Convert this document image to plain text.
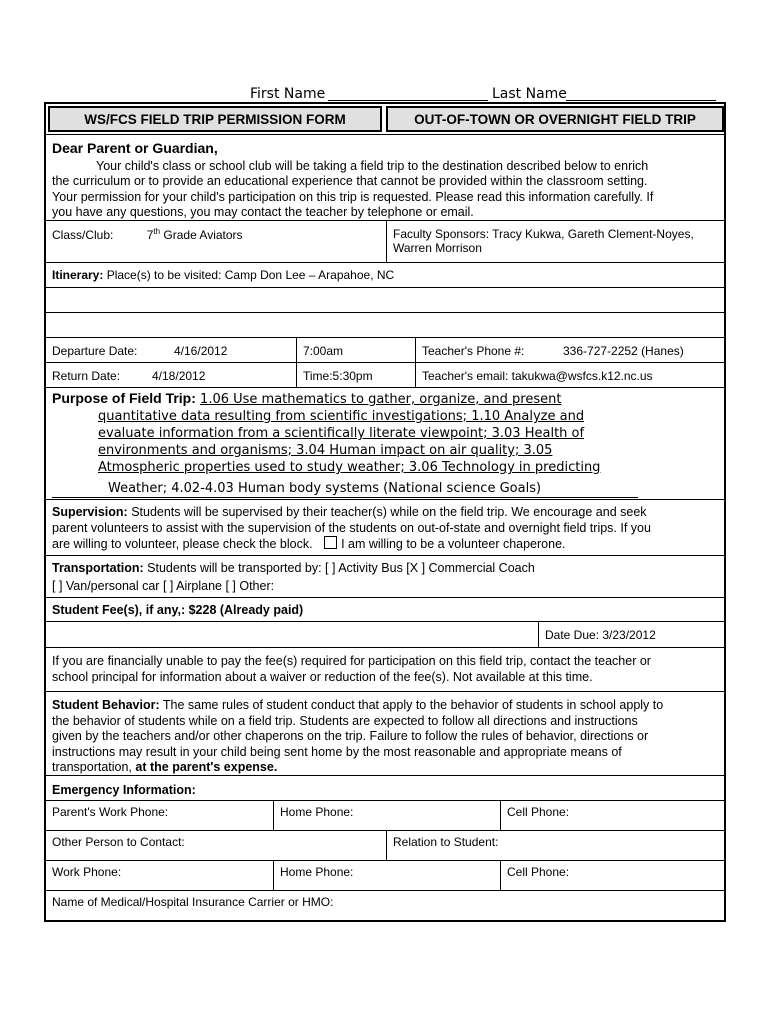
First Name	Last Name
WS/FCS FIELD TRIP PERMISSION FORM	OUT-OF-TOWN OR OVERNIGHT FIELD TRIP
Dear Parent or Guardian,
Your child's class or school club will be taking a field trip to the destination described below to enrich
the curriculum or to provide an educational experience that cannot be provided within the classroom setting.
Your permission for your child's participation on this trip is requested. Please read this information carefully. If
you have any questions, you may contact the teacher by telephone or email.
Class/Club:	7th Grade Aviators	Faculty Sponsors: Tracy Kukwa, Gareth Clement-Noyes,
Warren Morrison
Itinerary: Place(s) to be visited: Camp Don Lee – Arapahoe, NC
Departure Date:	4/16/2012	7:00am	Teacher's Phone #:	336-727-2252 (Hanes)
Return Date:	4/18/2012	Time:5:30pm	Teacher's email: takukwa@wsfcs.k12.nc.us
Purpose of Field Trip: 1.06 Use mathematics to gather, organize, and present
quantitative data resulting from scientific investigations; 1.10 Analyze and
evaluate information from a scientifically literate viewpoint; 3.03 Health of
environments and organisms; 3.04 Human impact on air quality; 3.05
Atmospheric properties used to study weather; 3.06 Technology in predicting
Weather; 4.02-4.03 Human body systems (National science Goals)
Supervision: Students will be supervised by their teacher(s) while on the field trip. We encourage and seek
parent volunteers to assist with the supervision of the students on out-of-state and overnight field trips. If you
are willing to volunteer, please check the block. I am willing to be a volunteer chaperone.
Transportation: Students will be transported by: [ ] Activity Bus [X ] Commercial Coach
[ ] Van/personal car [ ] Airplane [ ] Other:
Student Fee(s), if any,: $228 (Already paid)
Date Due: 3/23/2012
If you are financially unable to pay the fee(s) required for participation on this field trip, contact the teacher or
school principal for information about a waiver or reduction of the fee(s). Not available at this time.
Student Behavior: The same rules of student conduct that apply to the behavior of students in school apply to
the behavior of students while on a field trip. Students are expected to follow all directions and instructions
given by the teachers and/or other chaperons on the trip. Failure to follow the rules of behavior, directions or
instructions may result in your child being sent home by the most reasonable and appropriate means of
transportation, at the parent's expense.
Emergency Information:
Parent's Work Phone:	Home Phone:	Cell Phone:
Other Person to Contact:	Relation to Student:
Work Phone:	Home Phone:	Cell Phone:
Name of Medical/Hospital Insurance Carrier or HMO:
